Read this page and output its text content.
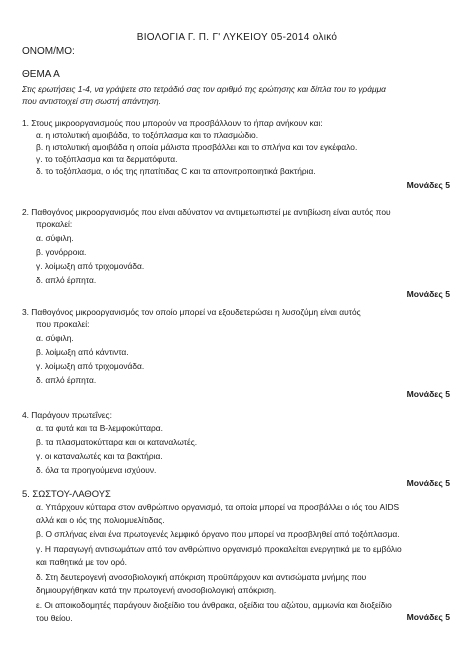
ΒΙΟΛΟΓΙΑ Γ. Π. Γ' ΛΥΚΕΙΟΥ 05-2014 ολικό
ΟΝΟΜ/ΜΟ:
ΘΕΜΑ Α
Στις ερωτήσεις 1-4, να γράψετε στο τετράδιό σας τον αριθμό της ερώτησης και δίπλα του το γράμμα
που αντιστοιχεί στη σωστή απάντηση.
1. Στους μικροοργανισμούς που μπορούν να προσβάλλουν το ήπαρ ανήκουν και:
α. η ιστολυτική αμοιβάδα, το τοξόπλασμα και το πλασμώδιο.
β. η ιστολυτική αμοιβάδα η οποία μάλιστα προσβάλλει και το σπλήνα και τον εγκέφαλο.
γ. το τοξόπλασμα και τα δερματόφυτα.
δ. το τοξόπλασμα, ο ιός της ηπατίτιδας C και τα απονιτροποιητικά βακτήρια.
Μονάδες 5
2. Παθογόνος μικροοργανισμός που είναι αδύνατον να αντιμετωπιστεί με αντιβίωση είναι αυτός που
προκαλεί:
α. σύφιλη.
β. γονόρροια.
γ. λοίμωξη από τριχομονάδα.
δ. απλό έρπητα.
Μονάδες 5
3. Παθογόνος μικροοργανισμός τον οποίο μπορεί να εξουδετερώσει η λυσοζύμη είναι αυτός
που προκαλεί:
α. σύφιλη.
β. λοίμωξη από κάντιντα.
γ. λοίμωξη από τριχομονάδα.
δ. απλό έρπητα.
Μονάδες 5
4. Παράγουν πρωτεΐνες:
α. τα φυτά και τα Β-λεμφοκύτταρα.
β. τα πλασματοκύτταρα και οι καταναλωτές.
γ. οι καταναλωτές και τα βακτήρια.
δ. όλα τα προηγούμενα ισχύουν.
Μονάδες 5
5. ΣΩΣΤΟΥ-ΛΑΘΟΥΣ
α. Υπάρχουν κύτταρα στον ανθρώπινο οργανισμό, τα οποία μπορεί να προσβάλλει ο ιός του AIDS
αλλά και ο ιός της πολιομυελίτιδας.
β. Ο σπλήνας είναι ένα πρωτογενές λεμφικό όργανο που μπορεί να προσβληθεί από τοξόπλασμα.
γ. Η παραγωγή αντισωμάτων από τον ανθρώπινο οργανισμό προκαλείται ενεργητικά με το εμβόλιο
και παθητικά με τον ορό.
δ. Στη δευτερογενή ανοσοβιολογική απόκριση προϋπάρχουν και αντισώματα μνήμης που
δημιουργήθηκαν κατά την πρωτογενή ανοσοβιολογική απόκριση.
ε. Οι αποικοδομητές παράγουν διοξείδιο του άνθρακα, οξείδια του αζώτου, αμμωνία και διοξείδιο
του θείου.	Μονάδες 5
